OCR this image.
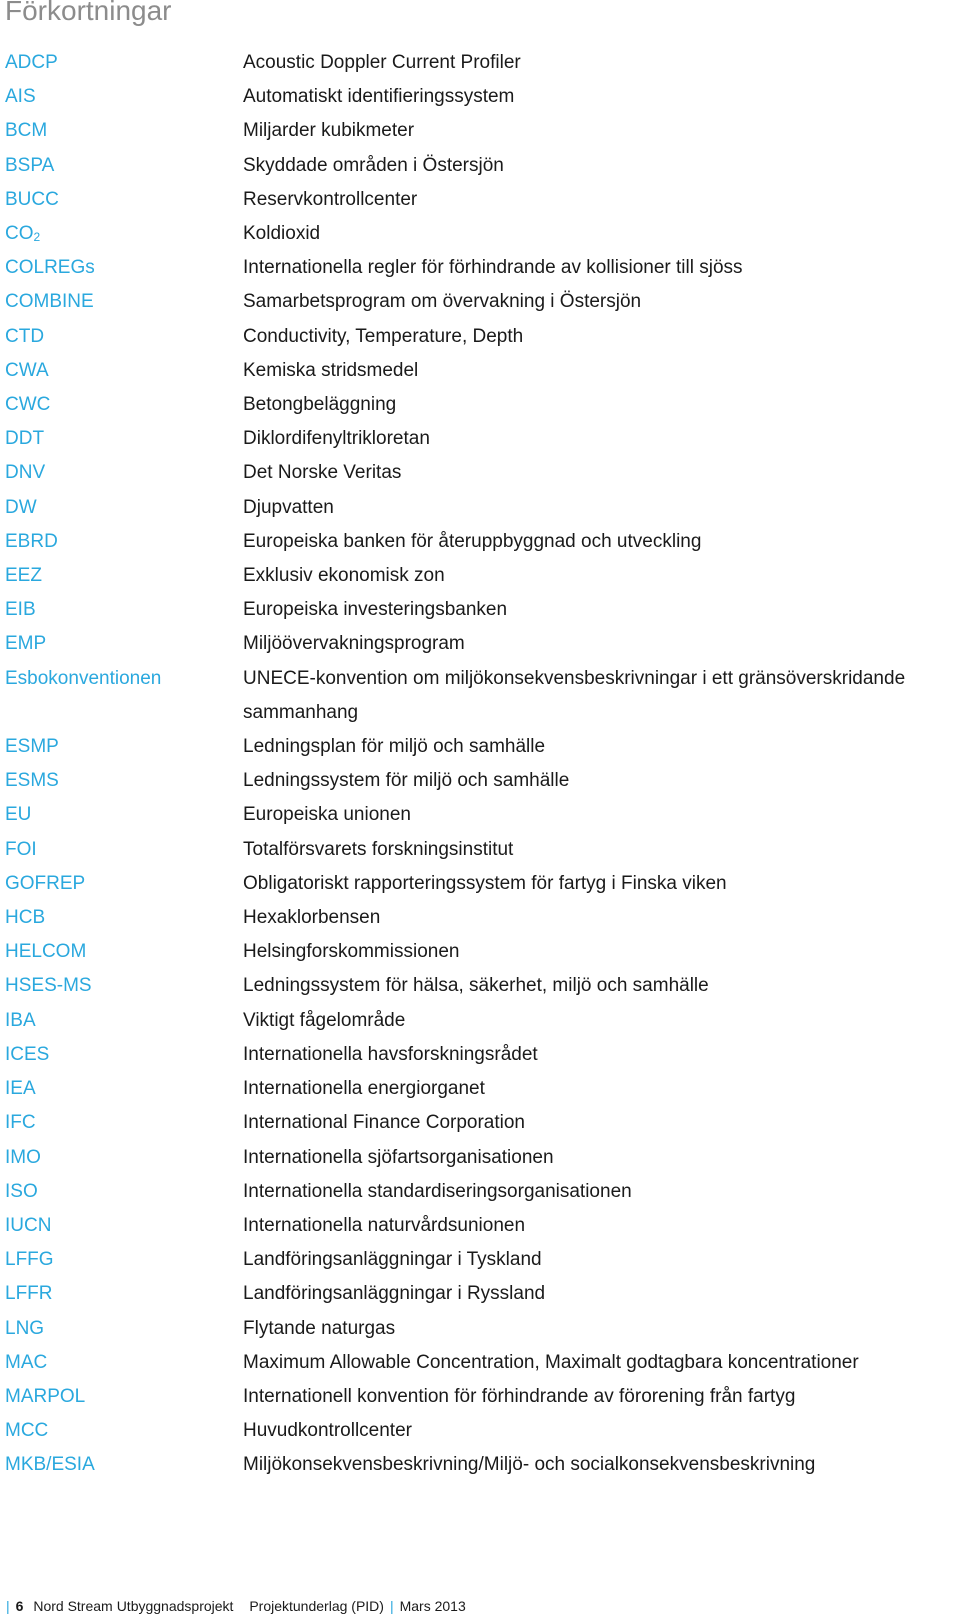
Förkortningar
ADCP	Acoustic Doppler Current Profiler
AIS	Automatiskt identifieringssystem
BCM	Miljarder kubikmeter
BSPA	Skyddade områden i Östersjön
BUCC	Reservkontrollcenter
$CO_2$	Koldioxid
COLREGs	Internationella regler för förhindrande av kollisioner till sjöss
COMBINE	Samarbetsprogram om övervakning i Östersjön
CTD	Conductivity, Temperature, Depth
CWA	Kemiska stridsmedel
CWC	Betongbeläggning
DDT	Diklordifenyltrikloretan
DNV	Det Norske Veritas
DW	Djupvatten
EBRD	Europeiska banken för återuppbyggnad och utveckling
EEZ	Exklusiv ekonomisk zon
EIB	Europeiska investeringsbanken
EMP	Miljöövervakningsprogram
Esbokonventionen	UNECE-konvention om miljökonsekvensbeskrivningar i ett gränsöverskridande sammanhang
ESMP	Ledningsplan för miljö och samhälle
ESMS	Ledningssystem för miljö och samhälle
EU	Europeiska unionen
FOI	Totalförsvarets forskningsinstitut
GOFREP	Obligatoriskt rapporteringssystem för fartyg i Finska viken
HCB	Hexaklorbensen
HELCOM	Helsingforskommissionen
HSES-MS	Ledningssystem för hälsa, säkerhet, miljö och samhälle
IBA	Viktigt fågelområde
ICES	Internationella havsforskningsrådet
IEA	Internationella energiorganet
IFC	International Finance Corporation
IMO	Internationella sjöfartsorganisationen
ISO	Internationella standardiseringsorganisationen
IUCN	Internationella naturvårdsunionen
LFFG	Landföringsanläggningar i Tyskland
LFFR	Landföringsanläggningar i Ryssland
LNG	Flytande naturgas
MAC	Maximum Allowable Concentration, Maximalt godtagbara koncentrationer
MARPOL	Internationell konvention för förhindrande av förorening från fartyg
MCC	Huvudkontrollcenter
MKB/ESIA	Miljökonsekvensbeskrivning/Miljö- och socialkonsekvensbeskrivning
| 6 Nord Stream Utbyggnadsprojekt Projektunderlag (PID) | Mars 2013
